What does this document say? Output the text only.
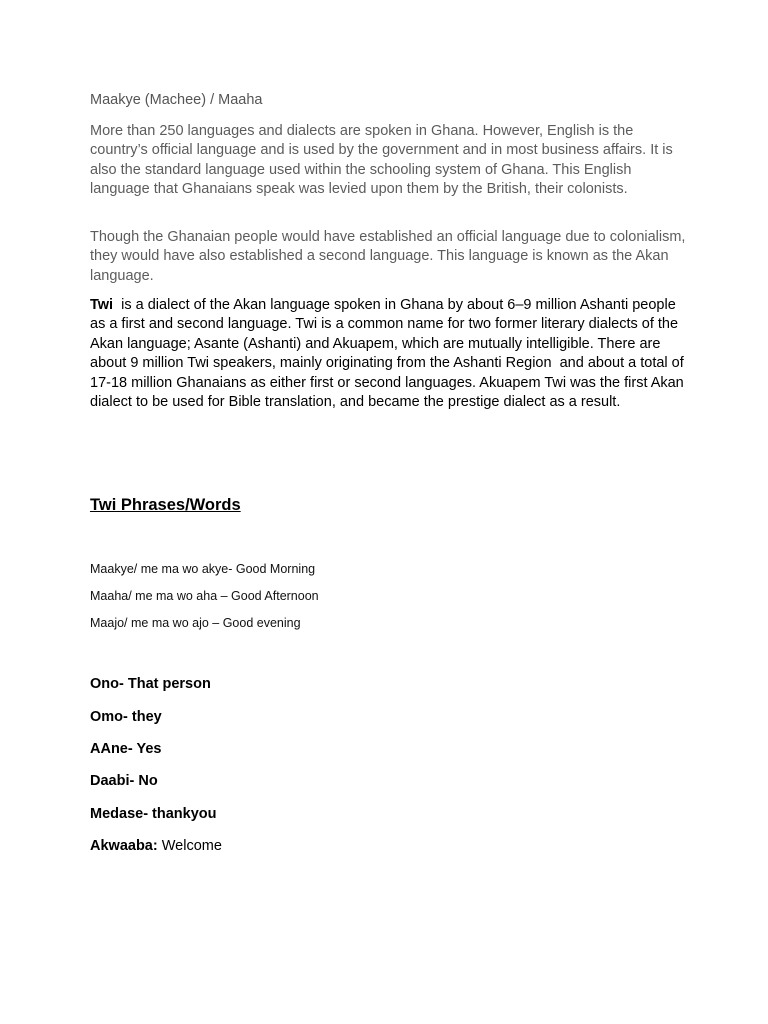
Maakye (Machee) / Maaha

More than 250 languages and dialects are spoken in Ghana. However, English is the country’s official language and is used by the government and in most business affairs. It is also the standard language used within the schooling system of Ghana. This English language that Ghanaians speak was levied upon them by the British, their colonists.

Though the Ghanaian people would have established an official language due to colonialism, they would have also established a second language. This language is known as the Akan language.

Twi  is a dialect of the Akan language spoken in Ghana by about 6–9 million Ashanti people as a first and second language. Twi is a common name for two former literary dialects of the Akan language; Asante (Ashanti) and Akuapem, which are mutually intelligible. There are about 9 million Twi speakers, mainly originating from the Ashanti Region  and about a total of 17-18 million Ghanaians as either first or second languages. Akuapem Twi was the first Akan dialect to be used for Bible translation, and became the prestige dialect as a result.

Twi Phrases/Words
Maakye/ me ma wo akye- Good Morning
Maaha/ me ma wo aha – Good Afternoon
Maajo/ me ma wo ajo – Good evening
Ono- That person
Omo- they
AAne- Yes
Daabi- No
Medase- thankyou
Akwaaba: Welcome
